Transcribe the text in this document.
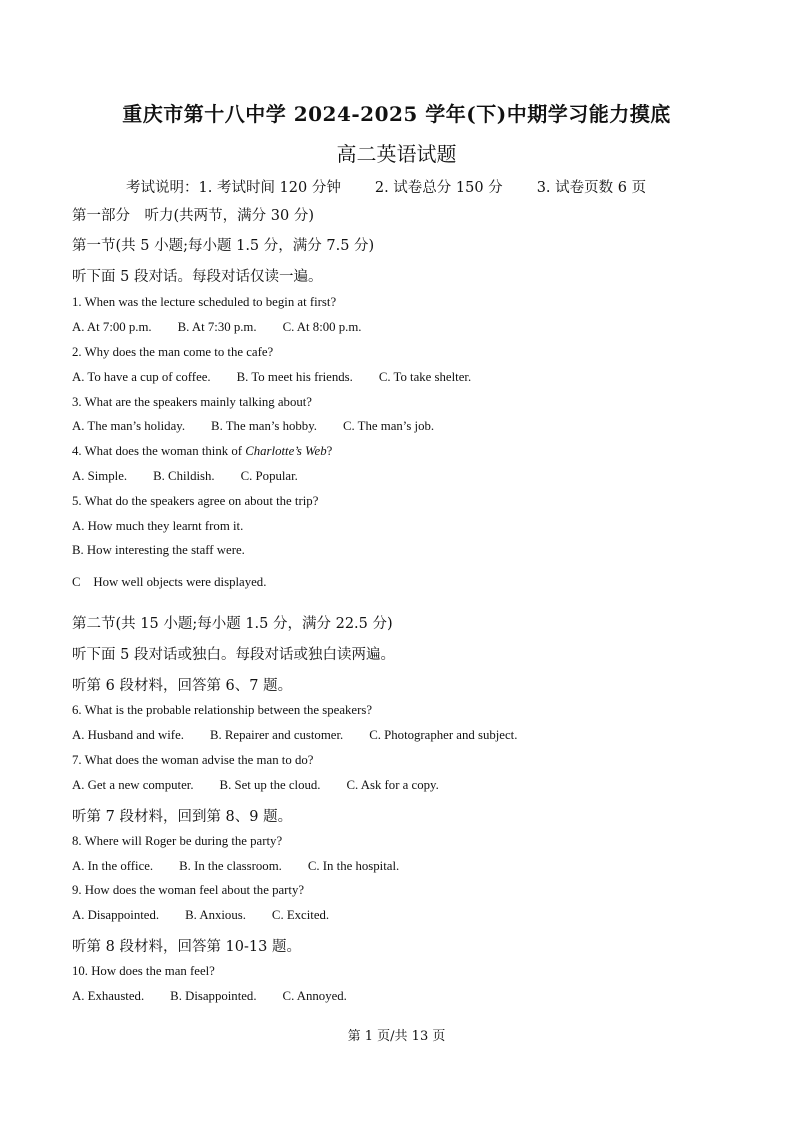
重庆市第十八中学 2024-2025 学年(下)中期学习能力摸底
高二英语试题
考试说明：1. 考试时间 120 分钟 2. 试卷总分 150 分 3. 试卷页数 6 页
第一部分　听力(共两节，满分 30 分)
第一节(共 5 小题;每小题 1.5 分，满分 7.5 分)
听下面 5 段对话。每段对话仅读一遍。
1. When was the lecture scheduled to begin at first?
A. At 7:00 p.m. B. At 7:30 p.m. C. At 8:00 p.m.
2. Why does the man come to the cafe?
A. To have a cup of coffee. B. To meet his friends. C. To take shelter.
3. What are the speakers mainly talking about?
A. The man’s holiday. B. The man’s hobby. C. The man’s job.
4. What does the woman think of Charlotte’s Web?
A. Simple. B. Childish. C. Popular.
5. What do the speakers agree on about the trip?
A. How much they learnt from it.
B. How interesting the staff were.
C　How well objects were displayed.
第二节(共 15 小题;每小题 1.5 分，满分 22.5 分)
听下面 5 段对话或独白。每段对话或独白读两遍。
听第 6 段材料，回答第 6、7 题。
6. What is the probable relationship between the speakers?
A. Husband and wife. B. Repairer and customer. C. Photographer and subject.
7. What does the woman advise the man to do?
A. Get a new computer. B. Set up the cloud. C. Ask for a copy.
听第 7 段材料，回到第 8、9 题。
8. Where will Roger be during the party?
A. In the office. B. In the classroom. C. In the hospital.
9. How does the woman feel about the party?
A. Disappointed. B. Anxious. C. Excited.
听第 8 段材料，回答第 10-13 题。
10. How does the man feel?
A. Exhausted. B. Disappointed. C. Annoyed.
第 1 页/共 13 页
